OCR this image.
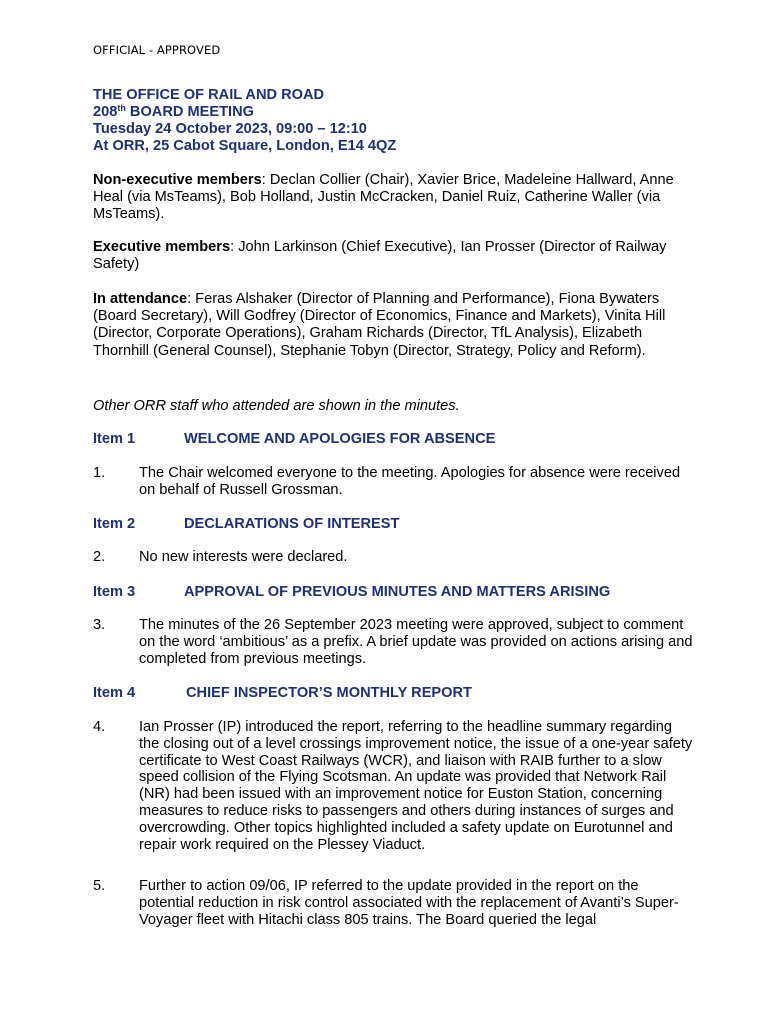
OFFICIAL - APPROVED
THE OFFICE OF RAIL AND ROAD
208th BOARD MEETING
Tuesday 24 October 2023, 09:00 – 12:10
At ORR, 25 Cabot Square, London, E14 4QZ
Non-executive members: Declan Collier (Chair), Xavier Brice, Madeleine Hallward, Anne Heal (via MsTeams), Bob Holland, Justin McCracken, Daniel Ruiz, Catherine Waller (via MsTeams).
Executive members: John Larkinson (Chief Executive), Ian Prosser (Director of Railway Safety)
In attendance: Feras Alshaker (Director of Planning and Performance), Fiona Bywaters (Board Secretary), Will Godfrey (Director of Economics, Finance and Markets), Vinita Hill (Director, Corporate Operations), Graham Richards (Director, TfL Analysis), Elizabeth Thornhill (General Counsel), Stephanie Tobyn (Director, Strategy, Policy and Reform).
Other ORR staff who attended are shown in the minutes.
Item 1	WELCOME AND APOLOGIES FOR ABSENCE
1.	The Chair welcomed everyone to the meeting. Apologies for absence were received on behalf of Russell Grossman.
Item 2	DECLARATIONS OF INTEREST
2.	No new interests were declared.
Item 3	APPROVAL OF PREVIOUS MINUTES AND MATTERS ARISING
3.	The minutes of the 26 September 2023 meeting were approved, subject to comment on the word ‘ambitious’ as a prefix. A brief update was provided on actions arising and completed from previous meetings.
Item 4	CHIEF INSPECTOR’S MONTHLY REPORT
4.	Ian Prosser (IP) introduced the report, referring to the headline summary regarding the closing out of a level crossings improvement notice, the issue of a one-year safety certificate to West Coast Railways (WCR), and liaison with RAIB further to a slow speed collision of the Flying Scotsman. An update was provided that Network Rail (NR) had been issued with an improvement notice for Euston Station, concerning measures to reduce risks to passengers and others during instances of surges and overcrowding. Other topics highlighted included a safety update on Eurotunnel and repair work required on the Plessey Viaduct.
5.	Further to action 09/06, IP referred to the update provided in the report on the potential reduction in risk control associated with the replacement of Avanti’s Super-Voyager fleet with Hitachi class 805 trains. The Board queried the legal
